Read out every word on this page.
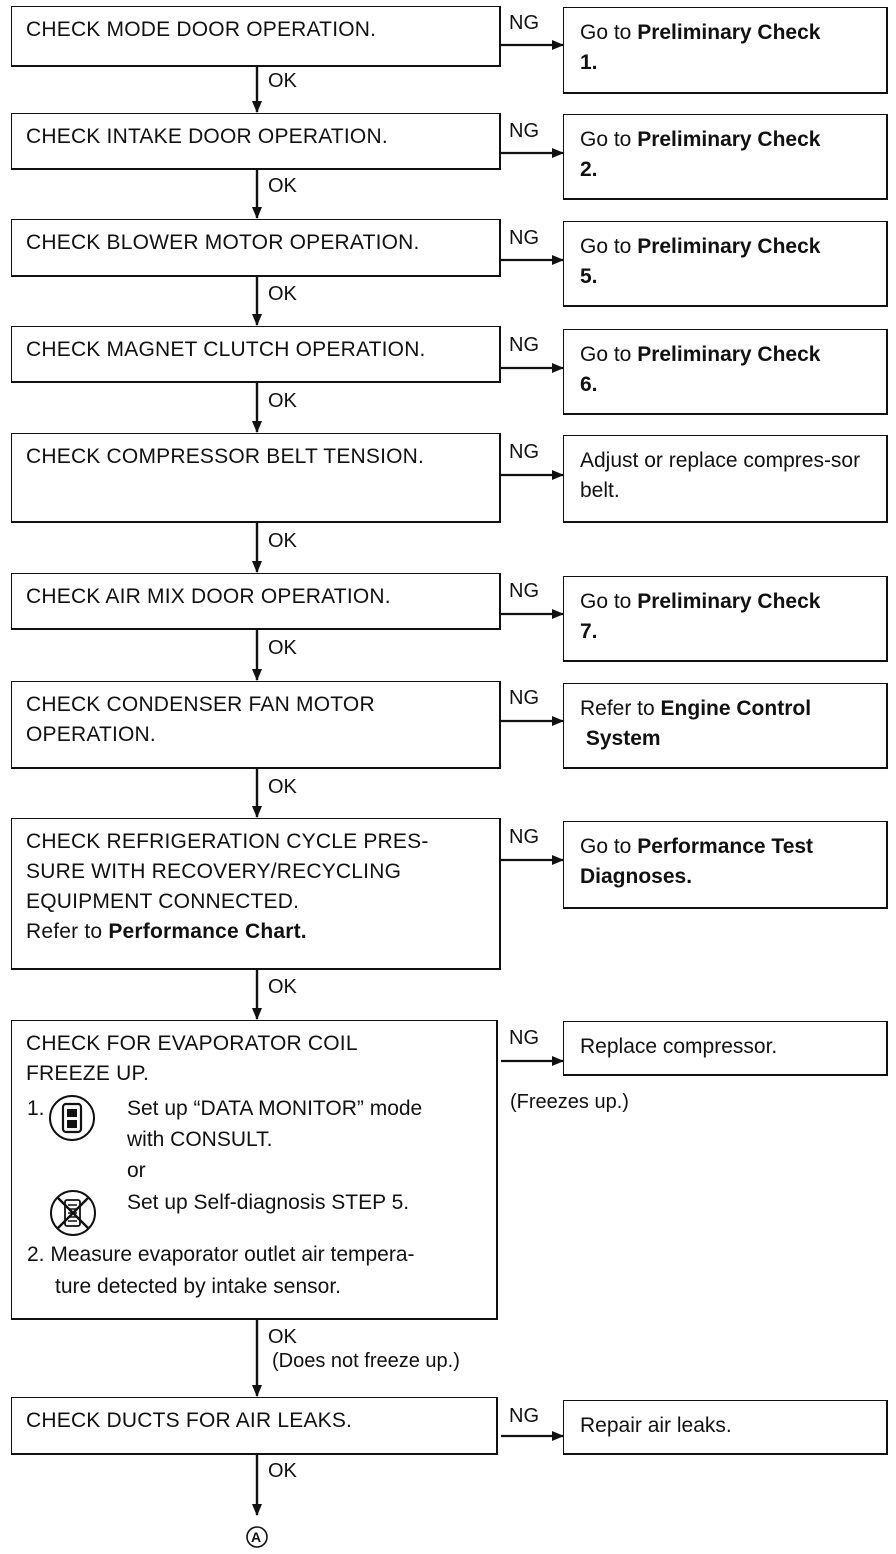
CHECK MODE DOOR OPERATION.	Go to Preliminary Check
1.
NG
OK
CHECK INTAKE DOOR OPERATION.	Go to Preliminary Check
2.
NG
OK
CHECK BLOWER MOTOR OPERATION.	Go to Preliminary Check
5.
NG
OK
CHECK MAGNET CLUTCH OPERATION.	Go to Preliminary Check
6.
NG
OK
CHECK COMPRESSOR BELT TENSION.	Adjust or replace compres-sor belt.
NG
OK
CHECK AIR MIX DOOR OPERATION.	Go to Preliminary Check
7.
NG
OK
CHECK CONDENSER FAN MOTOR
OPERATION.
Refer to Engine Control
System
NG
OK
CHECK REFRIGERATION CYCLE PRES-
SURE WITH RECOVERY/RECYCLING
EQUIPMENT CONNECTED.
Refer to Performance Chart.
Go to Performance Test
Diagnoses.
NG
OK
CHECK FOR EVAPORATOR COIL
FREEZE UP.
1.	Set up “DATA MONITOR” mode
with CONSULT.
or
Set up Self-diagnosis STEP 5.
2. Measure evaporator outlet air tempera-
ture detected by intake sensor.
Replace compressor.
NG
(Freezes up.)
OK
(Does not freeze up.)
CHECK DUCTS FOR AIR LEAKS.	Repair air leaks.
NG
OK
A
